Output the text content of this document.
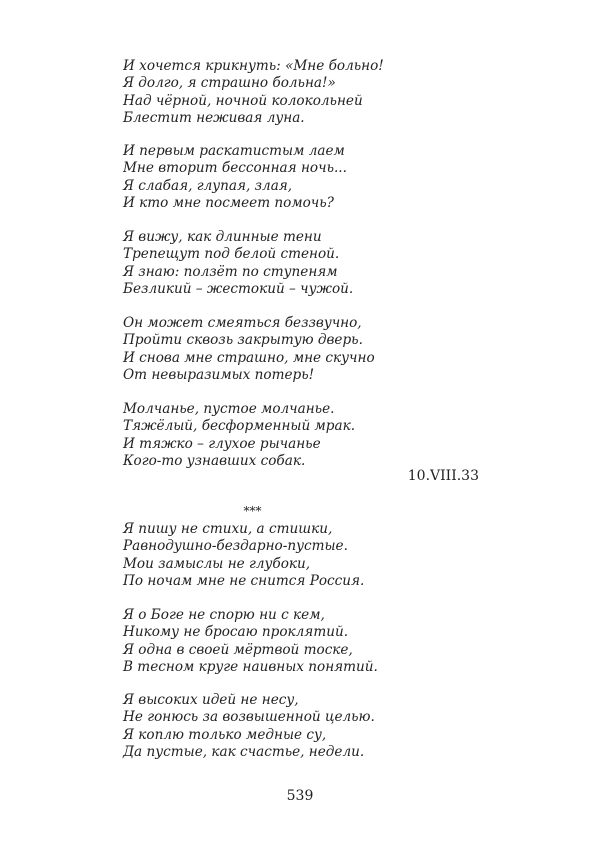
И хочется крикнуть: «Мне больно!
Я долго, я страшно больна!»
Над чёрной, ночной колокольней
Блестит неживая луна.
И первым раскатистым лаем
Мне вторит бессонная ночь...
Я слабая, глупая, злая,
И кто мне посмеет помочь?
Я вижу, как длинные тени
Трепещут под белой стеной.
Я знаю: ползёт по ступеням
Безликий – жестокий – чужой.
Он может смеяться беззвучно,
Пройти сквозь закрытую дверь.
И снова мне страшно, мне скучно
От невыразимых потерь!
Молчанье, пустое молчанье.
Тяжёлый, бесформенный мрак.
И тяжко – глухое рычанье
Кого-то узнавших собак.
10.VIII.33
***
Я пишу не стихи, а стишки,
Равнодушно-бездарно-пустые.
Мои замыслы не глубоки,
По ночам мне не снится Россия.
Я о Боге не спорю ни с кем,
Никому не бросаю проклятий.
Я одна в своей мёртвой тоске,
В тесном круге наивных понятий.
Я высоких идей не несу,
Не гонюсь за возвышенной целью.
Я коплю только медные су,
Да пустые, как счастье, недели.
539
